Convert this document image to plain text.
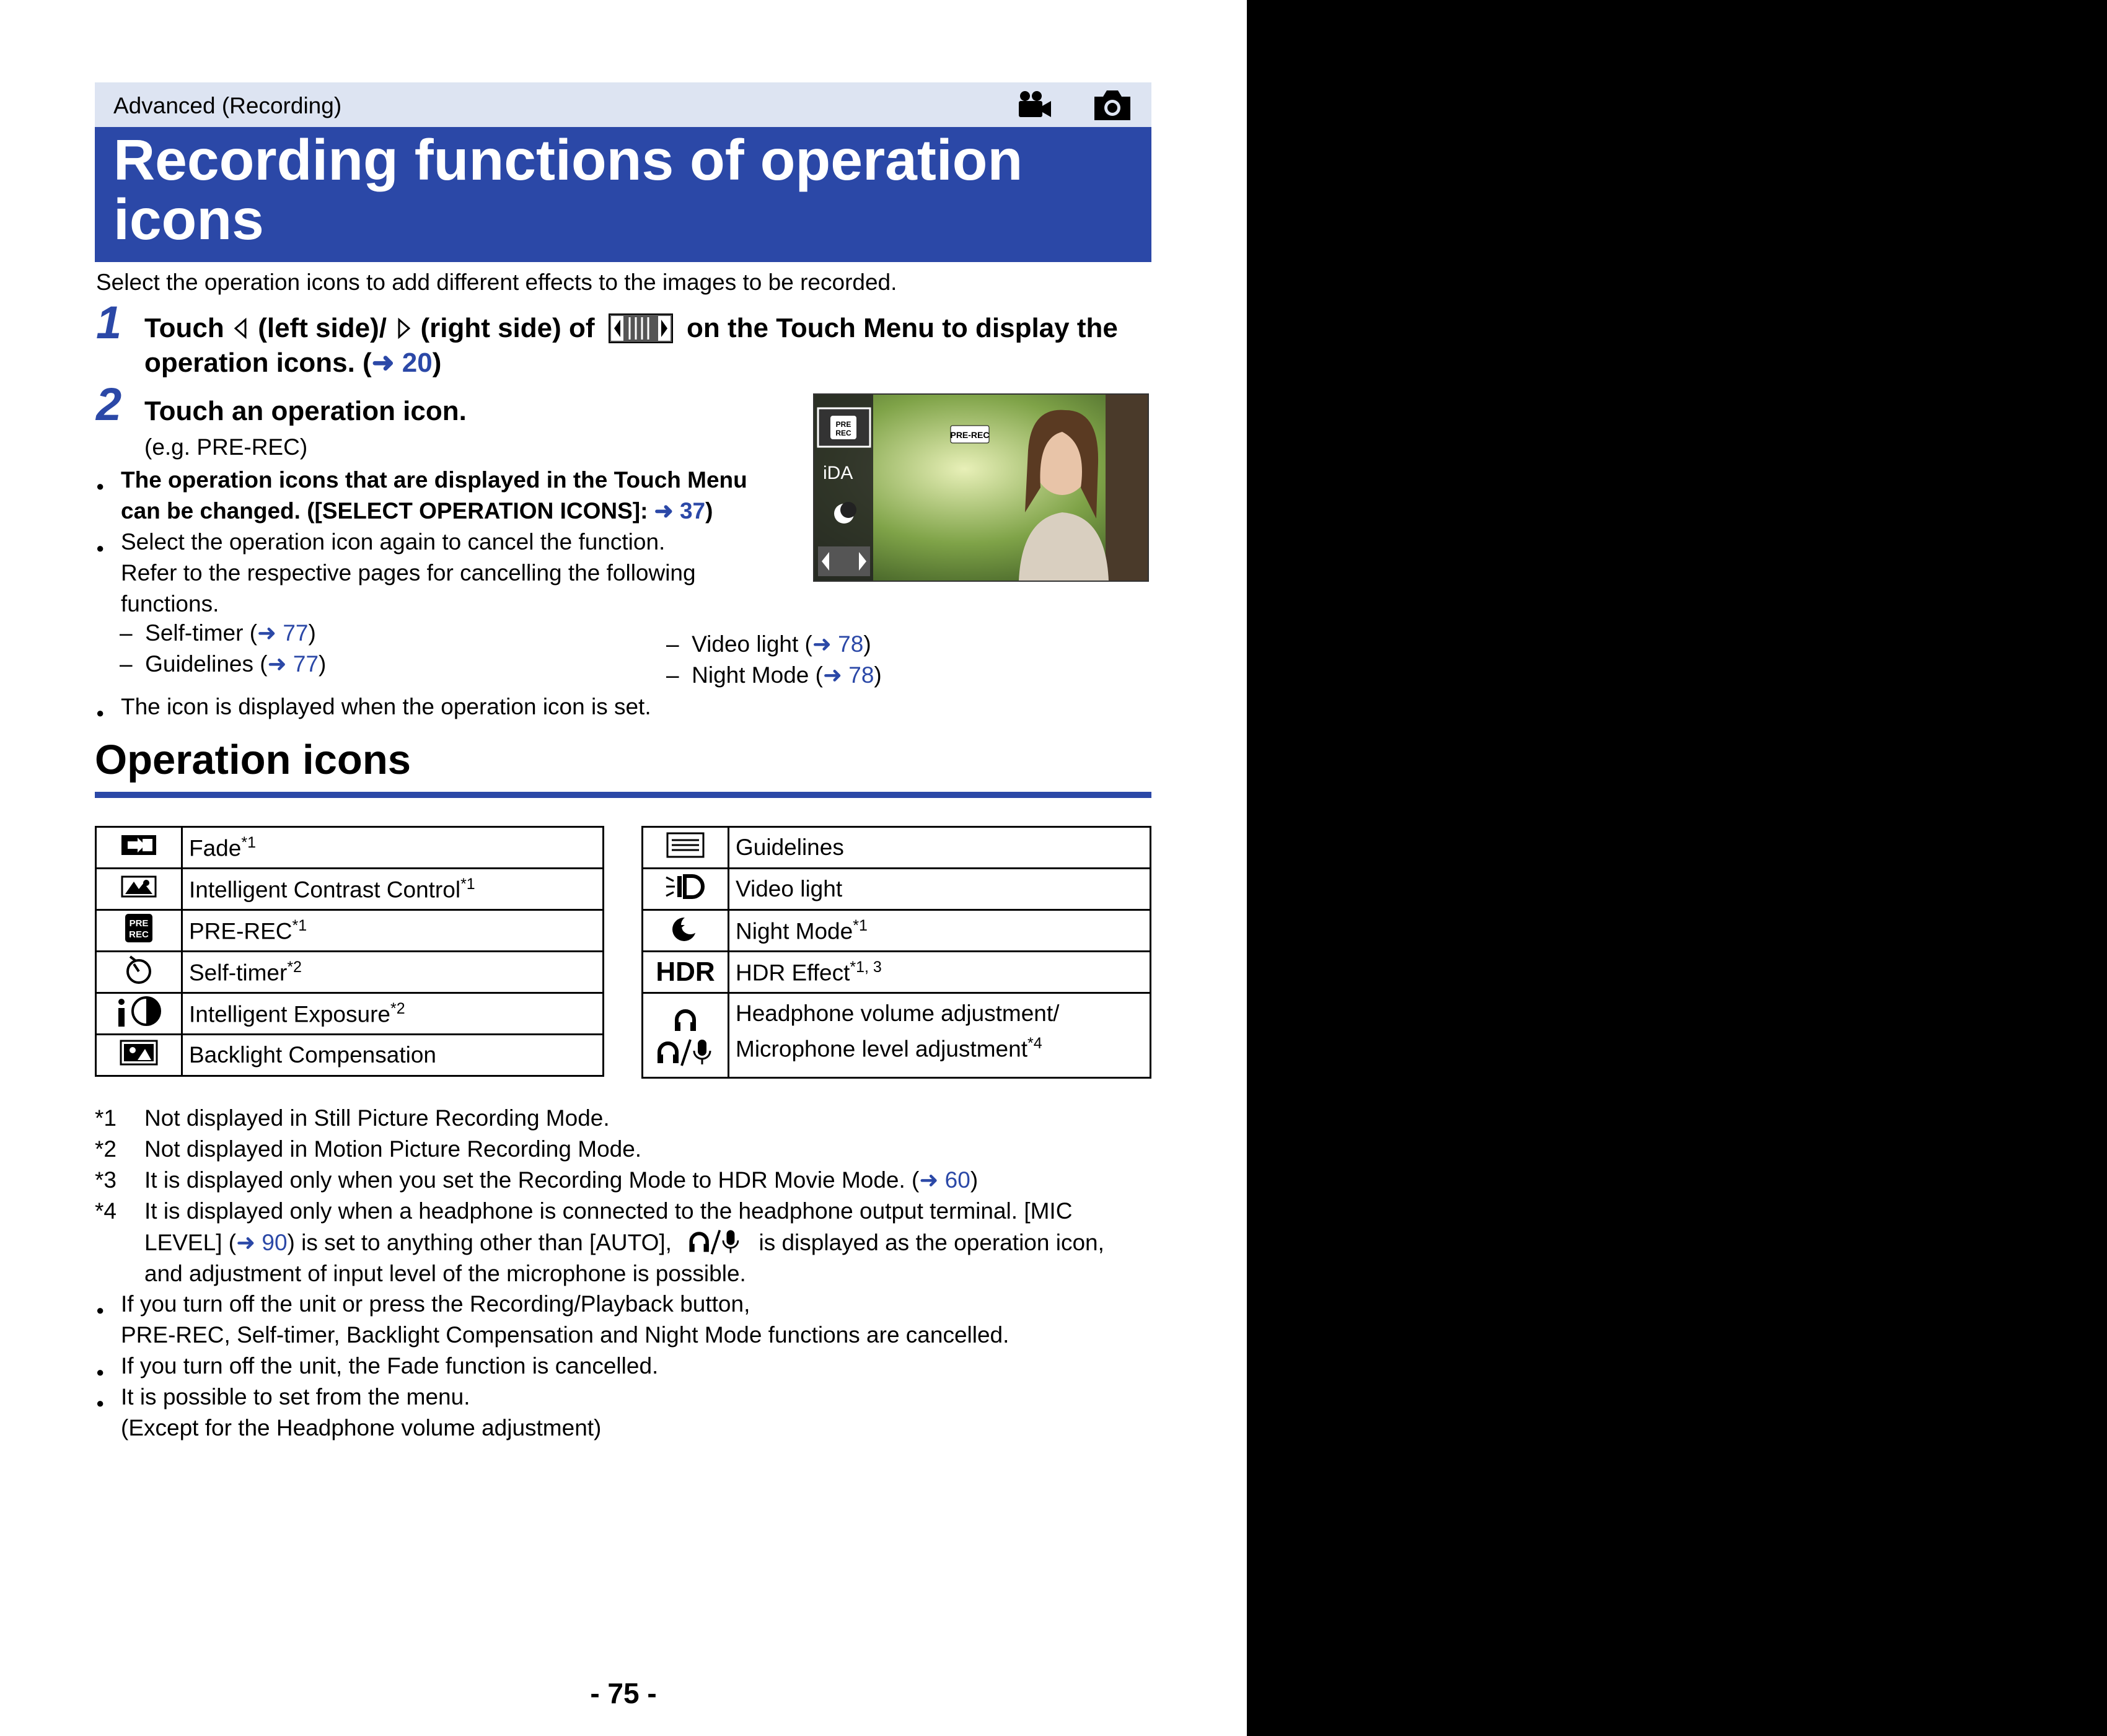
Advanced (Recording)
Recording functions of operation icons
Select the operation icons to add different effects to the images to be recorded.
1 Touch (left side)/ (right side) of	on the Touch Menu to display the
operation icons. (➜ 20)
2 Touch an operation icon.
(e.g. PRE-REC)
● The operation icons that are displayed in the Touch Menu
can be changed. ([SELECT OPERATION ICONS]: ➜ 37)
● Select the operation icon again to cancel the function.
Refer to the respective pages for cancelling the following
functions.
– Self-timer (➜ 77)
– Guidelines (➜ 77)
– Video light (➜ 78)
– Night Mode (➜ 78)
● The icon is displayed when the operation icon is set.
PRE
REC
iDA
PRE-REC
Operation icons
	Fade$^{*1}$
	Intelligent Contrast Control$^{*1}$

PRE
REC	PRE-REC$^{*1}$
	Self-timer$^{*2}$
	Intelligent Exposure$^{*2}$
	Backlight Compensation
	Guidelines
	Video light
	Night Mode$^{*1}$
HDR	HDR Effect$^{*1, 3}$

	Headphone volume adjustment/
Microphone level adjustment$^{*4}$
*1 Not displayed in Still Picture Recording Mode.
*2 Not displayed in Motion Picture Recording Mode.
*3 It is displayed only when you set the Recording Mode to HDR Movie Mode. (➜ 60)
*4 It is displayed only when a headphone is connected to the headphone output terminal. [MIC
LEVEL] (➜ 90) is set to anything other than [AUTO],	is displayed as the operation icon,
and adjustment of input level of the microphone is possible.
● If you turn off the unit or press the Recording/Playback button,
PRE-REC, Self-timer, Backlight Compensation and Night Mode functions are cancelled.
● If you turn off the unit, the Fade function is cancelled.
● It is possible to set from the menu.
(Except for the Headphone volume adjustment)
- 75 -
